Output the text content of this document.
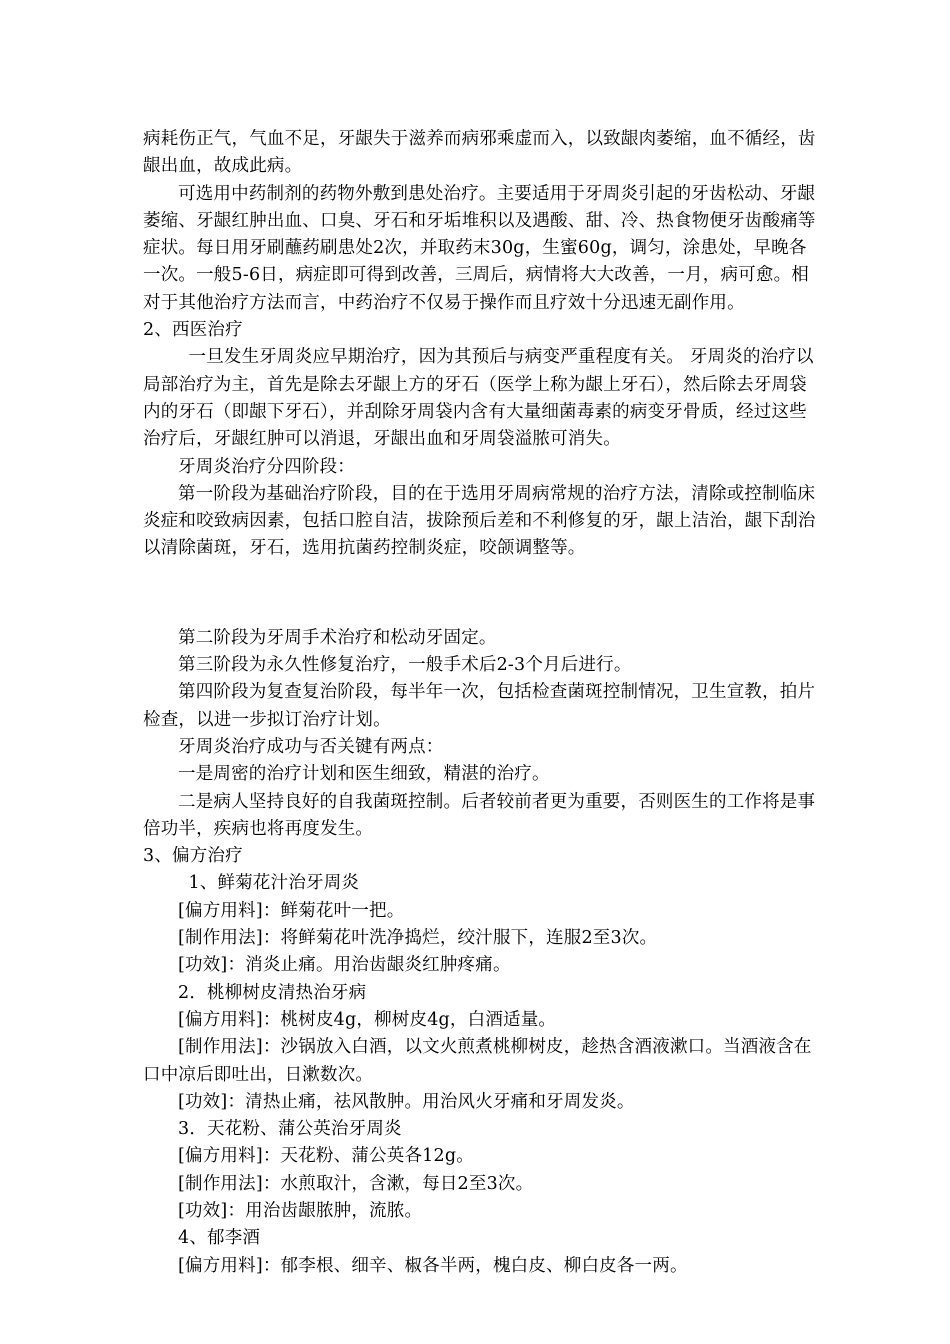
病耗伤正气，气血不足，牙龈失于滋养而病邪乘虚而入，以致龈肉萎缩，血不循经，齿龈出血，故成此病。

可选用中药制剂的药物外敷到患处治疗。主要适用于牙周炎引起的牙齿松动、牙龈萎缩、牙龈红肿出血、口臭、牙石和牙垢堆积以及遇酸、甜、冷、热食物便牙齿酸痛等症状。每日用牙刷蘸药刷患处2次，并取药末30g，生蜜60g，调匀，涂患处，早晚各一次。一般5-6日，病症即可得到改善，三周后，病情将大大改善，一月，病可愈。相对于其他治疗方法而言，中药治疗不仅易于操作而且疗效十分迅速无副作用。

2、西医治疗

一旦发生牙周炎应早期治疗，因为其预后与病变严重程度有关。 牙周炎的治疗以局部治疗为主，首先是除去牙龈上方的牙石（医学上称为龈上牙石），然后除去牙周袋内的牙石（即龈下牙石），并刮除牙周袋内含有大量细菌毒素的病变牙骨质，经过这些治疗后，牙龈红肿可以消退，牙龈出血和牙周袋溢脓可消失。

牙周炎治疗分四阶段：

第一阶段为基础治疗阶段，目的在于选用牙周病常规的治疗方法，清除或控制临床炎症和咬致病因素，包括口腔自洁，拔除预后差和不利修复的牙，龈上洁治，龈下刮治以清除菌斑，牙石，选用抗菌药控制炎症，咬颌调整等。

第二阶段为牙周手术治疗和松动牙固定。

第三阶段为永久性修复治疗，一般手术后2-3个月后进行。

第四阶段为复查复治阶段，每半年一次，包括检查菌斑控制情况，卫生宣教，拍片检查，以进一步拟订治疗计划。

牙周炎治疗成功与否关键有两点：

一是周密的治疗计划和医生细致，精湛的治疗。

二是病人坚持良好的自我菌斑控制。后者较前者更为重要，否则医生的工作将是事倍功半，疾病也将再度发生。

3、偏方治疗

1、鲜菊花汁治牙周炎

[偏方用料]：鲜菊花叶一把。

[制作用法]：将鲜菊花叶洗净捣烂，绞汁服下，连服2至3次。

[功效]：消炎止痛。用治齿龈炎红肿疼痛。

2．桃柳树皮清热治牙病

[偏方用料]：桃树皮4g，柳树皮4g，白酒适量。

[制作用法]：沙锅放入白酒，以文火煎煮桃柳树皮，趁热含酒液漱口。当酒液含在口中凉后即吐出，日漱数次。

[功效]：清热止痛，祛风散肿。用治风火牙痛和牙周发炎。

3．天花粉、蒲公英治牙周炎

[偏方用料]：天花粉、蒲公英各12g。

[制作用法]：水煎取汁，含漱，每日2至3次。

[功效]：用治齿龈脓肿，流脓。

4、郁李酒

[偏方用料]：郁李根、细辛、椒各半两，槐白皮、柳白皮各一两。
